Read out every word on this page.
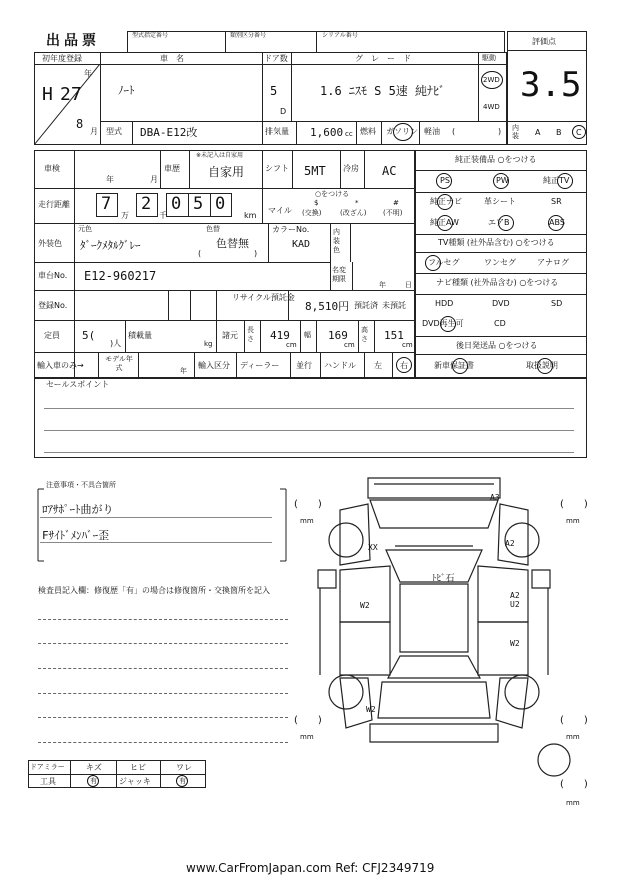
出品票	型式指定番号	類別区分番号	シリアル番号
評価点
3.5
初年度登録
年
H 27
8
月
車　名
ﾉｰﾄ
ドア数
5
D
グ　レ　ー　ド
1.6 ﾆｽﾓ S 5速 純ﾅﾋﾞ
駆動
2WD
4WD
型式 DBA-E12改	排気量 1,600 cc 燃料 ガソリン 軽油 (	) 内装	A B C
車検
年	月
車歴
※未記入は自家用
自家用	シフト 5MT 冷房 AC
走行距離 7
万
2
千
0 5 0
km
○をつける
マイル
$
(交換)
*
(改ざん)
#
(不明)
外装色
元色
ﾀﾞｰｸﾒﾀﾙｸﾞﾚｰ
色替
色替無
(	)
カラーNo.
KAD
内装色
車台No. E12-960217	名変期限
年	日
登録No.
リサイクル預託金
8,510円 預託済 未預託
定員 5(
)人
積載量
kg
諸元
長さ 419
cm
幅 169
cm
高さ 151
cm
輸入車のみ→
モデル年式	年
輸入区分 ディーラー 並行 ハンドル 左 右
純正装備品 ○をつける
PS	PW	純正TV
純正ナビ	革シート	SR
純正AW	エアB	ABS
TV種類 (社外品含む) ○をつける
フルセグ	ワンセグ	アナログ
ナビ種類 (社外品含む) ○をつける
HDD	DVD	SD
DVD再生可	CD
後日発送品 ○をつける
新車保証書	取扱説明
セールスポイント
注意事項・不具合箇所
ﾛｱｻﾎﾟｰﾄ曲がり
Fｻｲﾄﾞﾒﾝﾊﾞｰ歪
検査員記入欄：修復歴「有」の場合は修復箇所・交換箇所を記入
ドアミラー	キズ	ヒビ	ワレ
工具	有	ジャッキ	有
A3
A2
XX
ﾄﾋﾞ石
W2
A2
U2
W2
W2
(　　)
mm
(　　)
mm
(　　)
mm
(　　)
mm
(　　)
mm
www.CarFromJapan.com Ref: CFJ2349719
